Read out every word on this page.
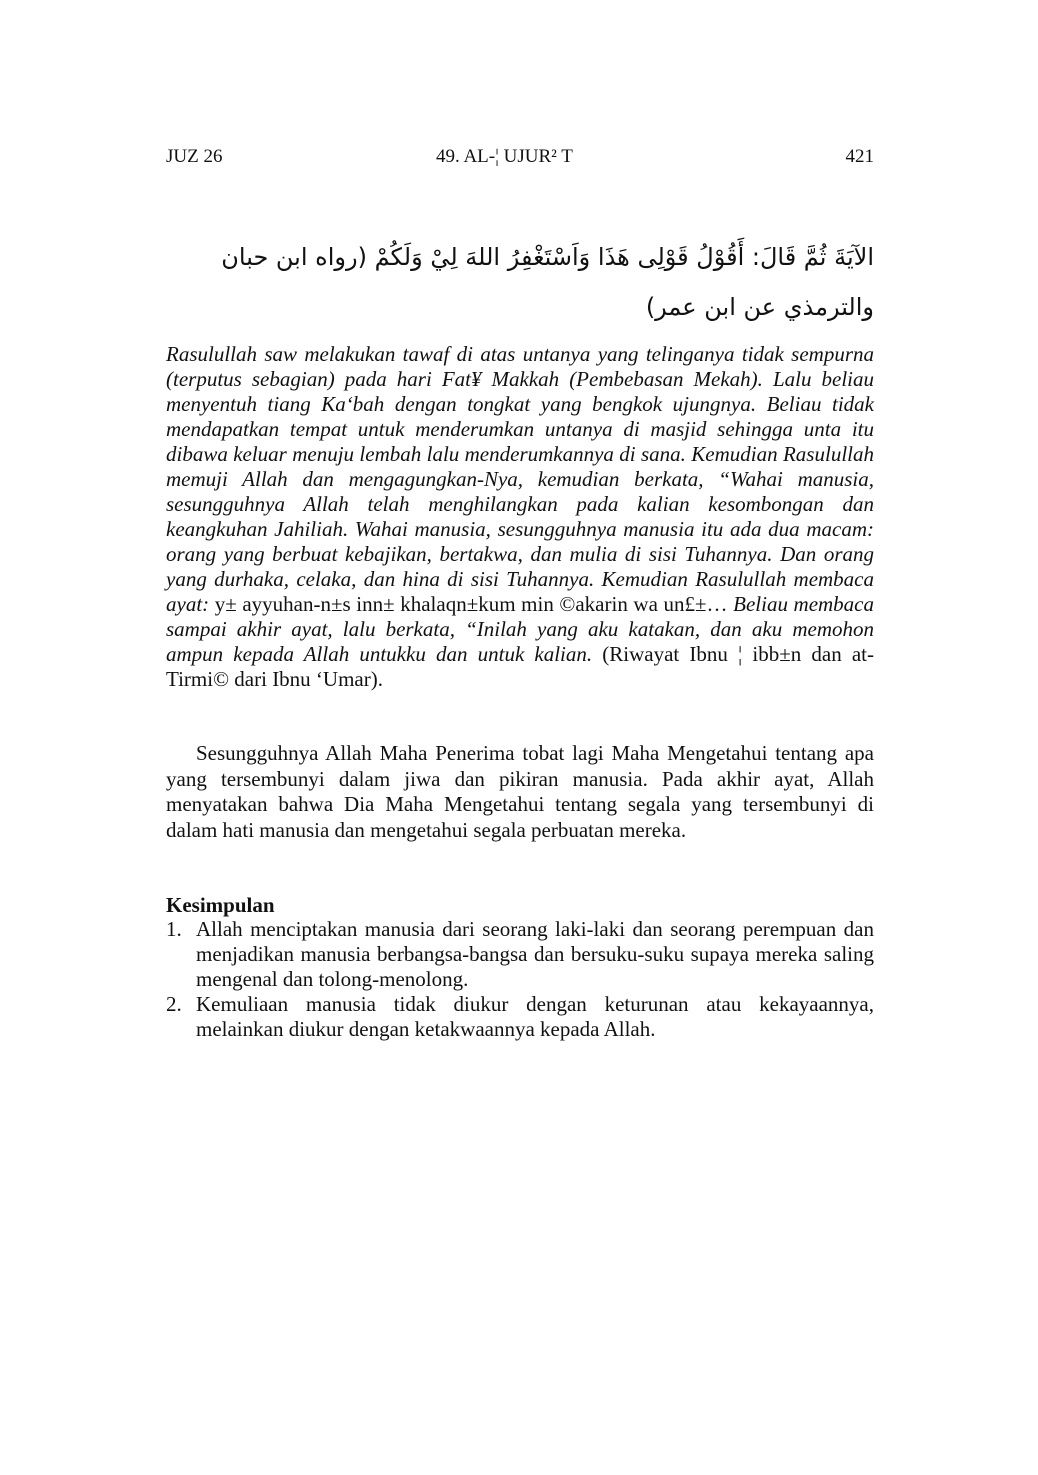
JUZ 26	49. AL-¦ UJUR² T	421
الآيَةَ ثُمَّ قَالَ: أَقُوْلُ قَوْلِى هَذَا وَاَسْتَغْفِرُ اللهَ لِيْ وَلَكُمْ (رواه ابن حبان والترمذي عن ابن عمر)

Rasulullah saw melakukan tawaf di atas untanya yang telinganya tidak sempurna (terputus sebagian) pada hari Fat¥ Makkah (Pembebasan Mekah). Lalu beliau menyentuh tiang Ka‘bah dengan tongkat yang bengkok ujungnya. Beliau tidak mendapatkan tempat untuk menderumkan untanya di masjid sehingga unta itu dibawa keluar menuju lembah lalu menderumkannya di sana. Kemudian Rasulullah memuji Allah dan mengagungkan-Nya, kemudian berkata, “Wahai manusia, sesungguhnya Allah telah menghilangkan pada kalian kesombongan dan keangkuhan Jahiliah. Wahai manusia, sesungguhnya manusia itu ada dua macam: orang yang berbuat kebajikan, bertakwa, dan mulia di sisi Tuhannya. Dan orang yang durhaka, celaka, dan hina di sisi Tuhannya. Kemudian Rasulullah membaca ayat: y± ayyuhan-n±s inn± khalaqn±kum min ©akarin wa un£±… Beliau membaca sampai akhir ayat, lalu berkata, “Inilah yang aku katakan, dan aku memohon ampun kepada Allah untukku dan untuk kalian. (Riwayat Ibnu ¦ ibb±n dan at-Tirmi© dari Ibnu ‘Umar).

Sesungguhnya Allah Maha Penerima tobat lagi Maha Mengetahui tentang apa yang tersembunyi dalam jiwa dan pikiran manusia. Pada akhir ayat, Allah menyatakan bahwa Dia Maha Mengetahui tentang segala yang tersembunyi di dalam hati manusia dan mengetahui segala perbuatan mereka.

Kesimpulan

1. Allah menciptakan manusia dari seorang laki-laki dan seorang perempuan dan menjadikan manusia berbangsa-bangsa dan bersuku-suku supaya mereka saling mengenal dan tolong-menolong.
2. Kemuliaan manusia tidak diukur dengan keturunan atau kekayaannya, melainkan diukur dengan ketakwaannya kepada Allah.
